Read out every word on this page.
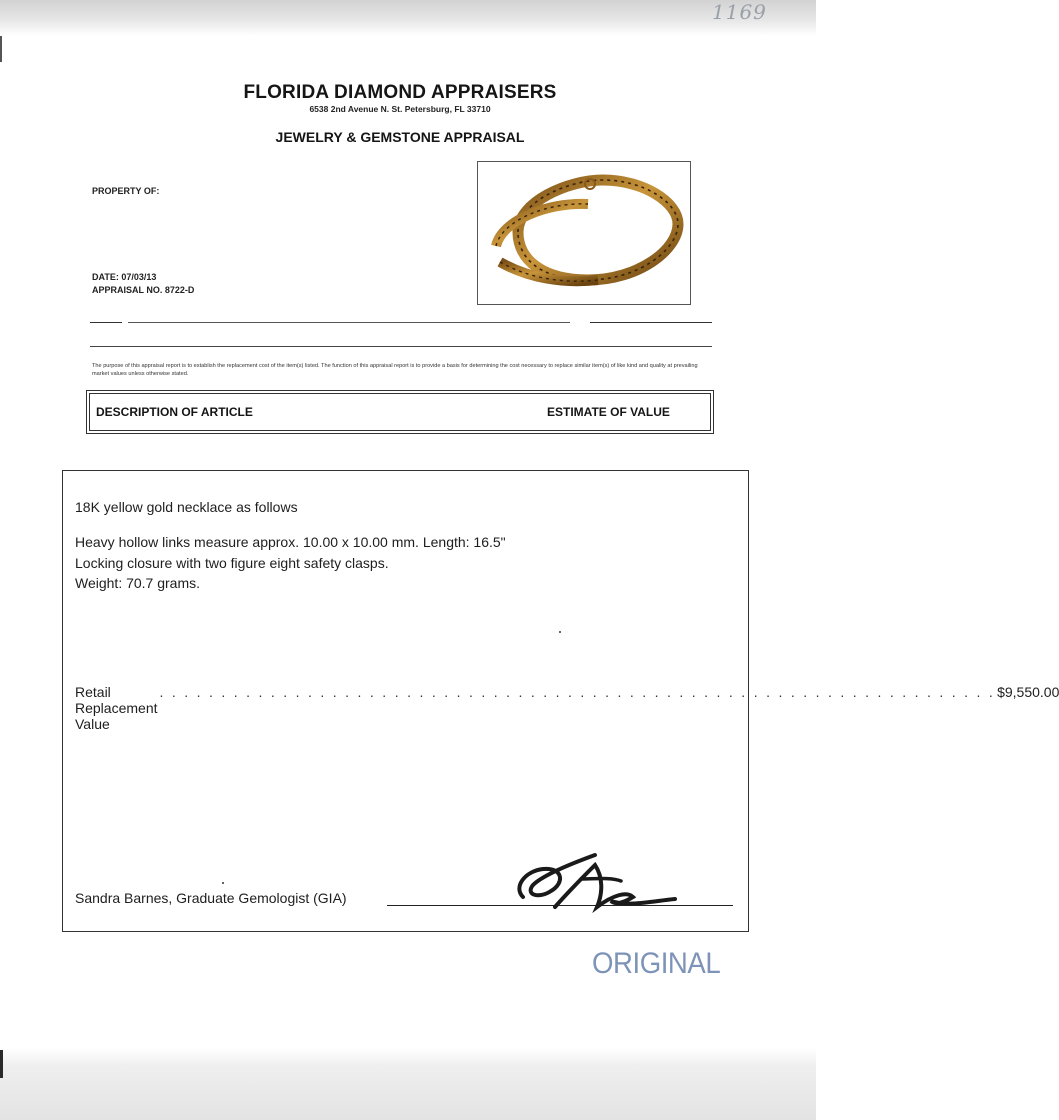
1169
FLORIDA DIAMOND APPRAISERS
6538 2nd Avenue N. St. Petersburg, FL 33710
JEWELRY & GEMSTONE APPRAISAL
PROPERTY OF:
DATE: 07/03/13
APPRAISAL NO. 8722-D
The purpose of this appraisal report is to establish the replacement cost of the item(s) listed. The function of this appraisal report is to provide a basis for determining the cost necessary to replace similar item(s) of like kind and quality at prevailing market values unless otherwise stated.
DESCRIPTION OF ARTICLE	ESTIMATE OF VALUE
18K yellow gold necklace as follows
Heavy hollow links measure approx. 10.00 x 10.00 mm. Length: 16.5"
Locking closure with two figure eight safety clasps.
Weight: 70.7 grams.
Retail Replacement Value
. . . . . . . . . . . . . . . . . . . . . . . . . . . . . . . . . . . . . . . . . . . . . . . . . . . . . . . . . . . . . . . . . . . . $9,550.00
Sandra Barnes, Graduate Gemologist (GIA)
ORIGINAL
